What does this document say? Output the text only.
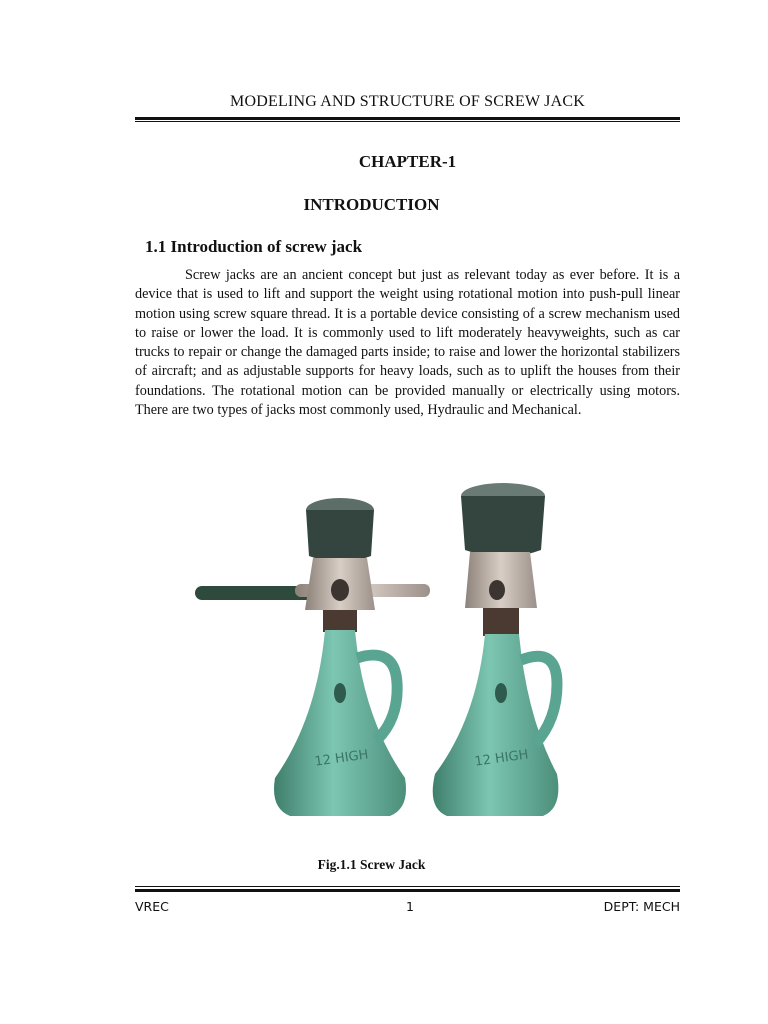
MODELING AND STRUCTURE OF SCREW JACK
CHAPTER-1
INTRODUCTION
1.1 Introduction of screw jack

Screw jacks are an ancient concept but just as relevant today as ever before. It is a device that is used to lift and support the weight using rotational motion into push-pull linear motion using screw square thread. It is a portable device consisting of a screw mechanism used to raise or lower the load. It is commonly used to lift moderately heavyweights, such as car trucks to repair or change the damaged parts inside; to raise and lower the horizontal stabilizers of aircraft; and as adjustable supports for heavy loads, such as to uplift the houses from their foundations. The rotational motion can be provided manually or electrically using motors. There are two types of jacks most commonly used, Hydraulic and Mechanical.

12 HIGH	12 HIGH
Fig.1.1 Screw Jack
VREC	1	DEPT: MECH
